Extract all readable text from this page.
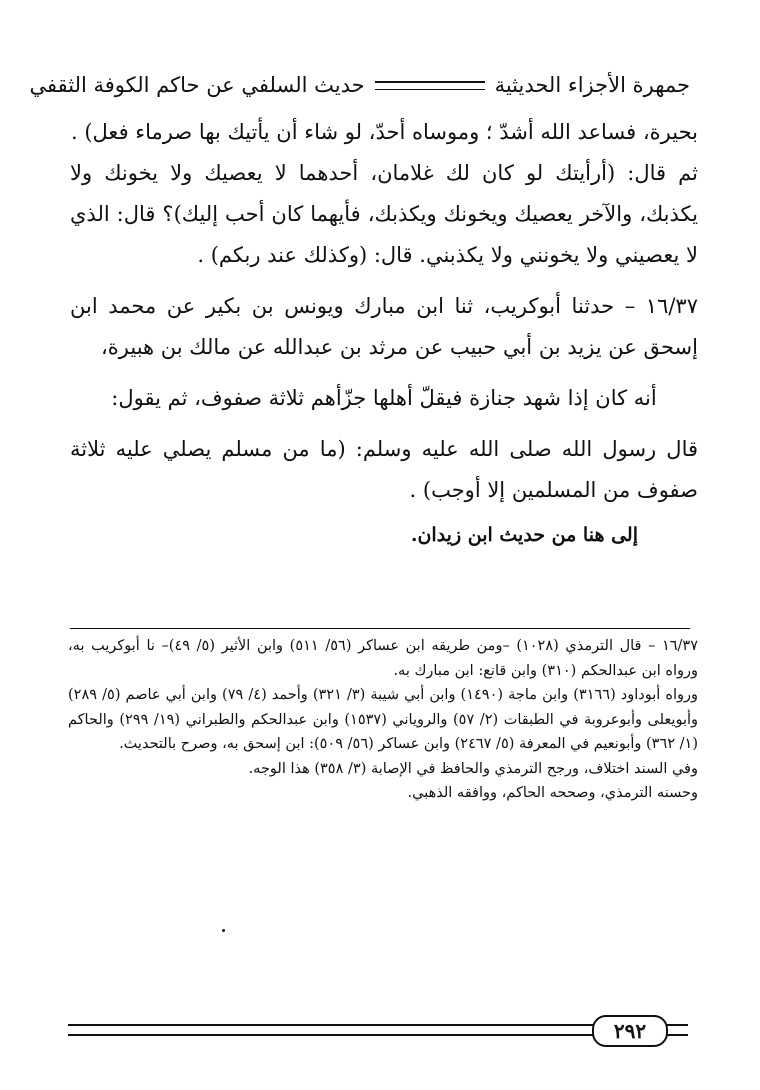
جمهرة الأجزاء الحديثية
حديث السلفي عن حاكم الكوفة الثقفي

بحيرة، فساعد الله أشدّ ؛ وموساه أحدّ، لو شاء أن يأتيك بها صرماء فعل) .

ثم قال: (أرأيتك لو كان لك غلامان، أحدهما لا يعصيك ولا يخونك ولا يكذبك، والآخر يعصيك ويخونك ويكذبك، فأيهما كان أحب إليك)؟ قال: الذي لا يعصيني ولا يخونني ولا يكذبني. قال: (وكذلك عند ربكم) .

١٦/٣٧ – حدثنا أبوكريب، ثنا ابن مبارك ويونس بن بكير عن محمد ابن إسحق عن يزيد بن أبي حبيب عن مرثد بن عبدالله عن مالك بن هبيرة،

أنه كان إذا شهد جنازة فيقلّ أهلها جزّأهم ثلاثة صفوف، ثم يقول:

قال رسول الله صلى الله عليه وسلم: (ما من مسلم يصلي عليه ثلاثة صفوف من المسلمين إلا أوجب) .

إلى هنا من حديث ابن زيدان.

١٦/٣٧ – قال الترمذي (١٠٢٨) –ومن طريقه ابن عساكر (٥٦/ ٥١١) وابن الأثير (٥/ ٤٩)– نا أبوكريب به، ورواه ابن عبدالحكم (٣١٠) وابن قانع: ابن مبارك به.

ورواه أبوداود (٣١٦٦) وابن ماجة (١٤٩٠) وابن أبي شيبة (٣/ ٣٢١) وأحمد (٤/ ٧٩) وابن أبي عاصم (٥/ ٢٨٩) وأبويعلى وأبوعروبة في الطبقات (٢/ ٥٧) والروياني (١٥٣٧) وابن عبدالحكم والطبراني (١٩/ ٢٩٩) والحاكم (١/ ٣٦٢) وأبونعيم في المعرفة (٥/ ٢٤٦٧) وابن عساكر (٥٦/ ٥٠٩): ابن إسحق به، وصرح بالتحديث.

وفي السند اختلاف، ورجح الترمذي والحافظ في الإصابة (٣/ ٣٥٨) هذا الوجه.

وحسنه الترمذي، وصححه الحاكم، ووافقه الذهبي.

٢٩٢
